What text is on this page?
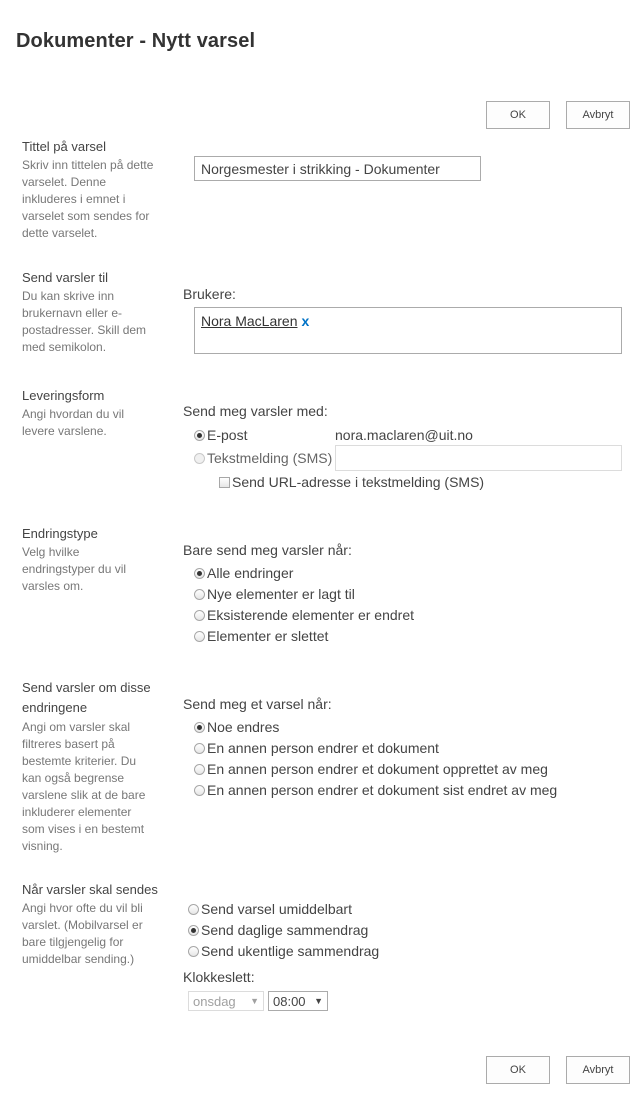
Dokumenter - Nytt varsel
OK	Avbryt
Tittel på varsel
Skriv inn tittelen på dette varselet. Denne inkluderes i emnet i varselet som sendes for dette varselet.
Norgesmester i strikking - Dokumenter
Send varsler til
Du kan skrive inn brukernavn eller e-postadresser. Skill dem med semikolon.
Brukere:
Nora MacLaren x
Leveringsform
Angi hvordan du vil levere varslene.
Send meg varsler med:
E-post	nora.maclaren@uit.no
Tekstmelding (SMS)
Send URL-adresse i tekstmelding (SMS)
Endringstype
Velg hvilke endringstyper du vil varsles om.
Bare send meg varsler når:
Alle endringer
Nye elementer er lagt til
Eksisterende elementer er endret
Elementer er slettet
Send varsler om disse
endringene
Angi om varsler skal filtreres basert på bestemte kriterier. Du kan også begrense varslene slik at de bare inkluderer elementer som vises i en bestemt visning.
Send meg et varsel når:
Noe endres
En annen person endrer et dokument
En annen person endrer et dokument opprettet av meg
En annen person endrer et dokument sist endret av meg
Når varsler skal sendes
Angi hvor ofte du vil bli varslet. (Mobilvarsel er bare tilgjengelig for umiddelbar sending.)
Send varsel umiddelbart
Send daglige sammendrag
Send ukentlige sammendrag
Klokkeslett:
onsdag ▼ 08:00 ▼
OK	Avbryt
